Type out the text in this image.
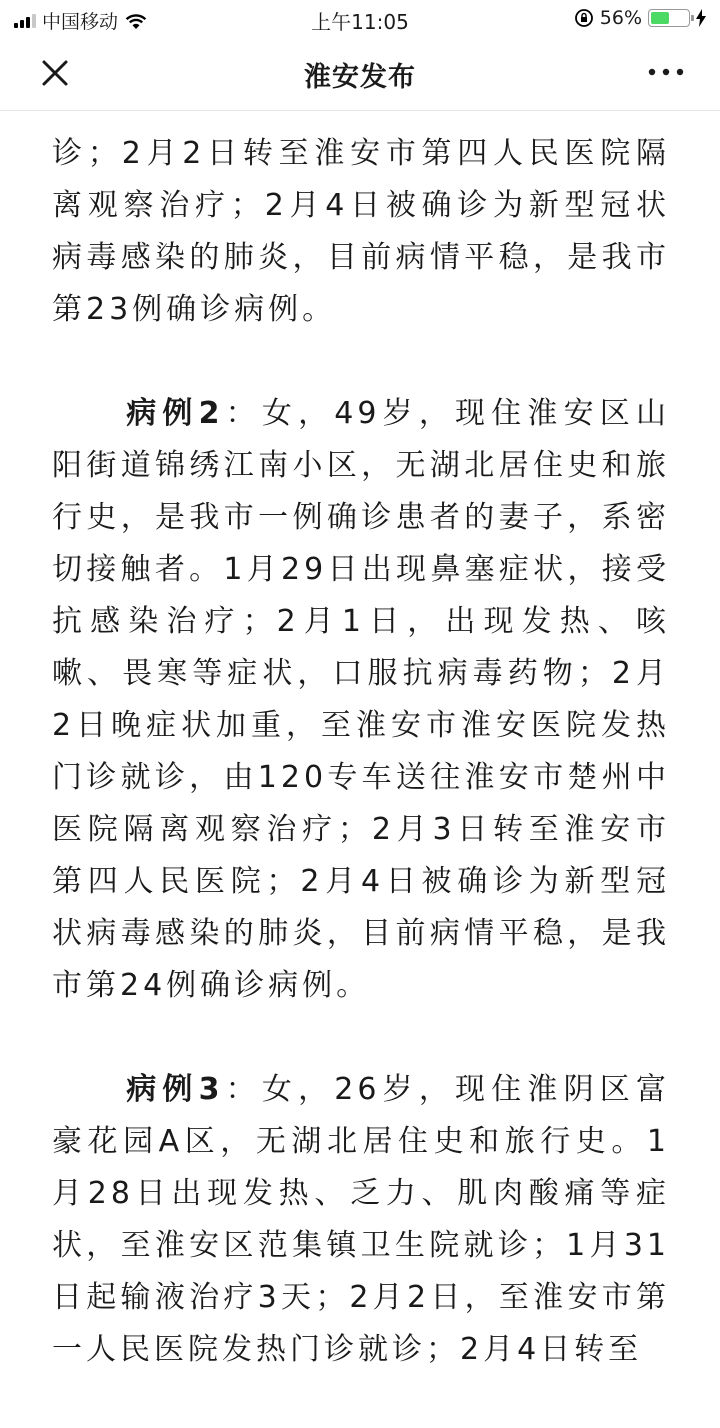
中国移动	上午11:05	56%
淮安发布

诊；2月2日转至淮安市第四人民医院隔离观察治疗；2月4日被确诊为新型冠状病毒感染的肺炎，目前病情平稳，是我市第23例确诊病例。

病例2：女，49岁，现住淮安区山阳街道锦绣江南小区，无湖北居住史和旅行史，是我市一例确诊患者的妻子，系密切接触者。1月29日出现鼻塞症状，接受抗感染治疗；2月1日，出现发热、咳嗽、畏寒等症状，口服抗病毒药物；2月2日晚症状加重，至淮安市淮安医院发热门诊就诊，由120专车送往淮安市楚州中医院隔离观察治疗；2月3日转至淮安市第四人民医院；2月4日被确诊为新型冠状病毒感染的肺炎，目前病情平稳，是我市第24例确诊病例。

病例3：女，26岁，现住淮阴区富豪花园A区，无湖北居住史和旅行史。1月28日出现发热、乏力、肌肉酸痛等症状，至淮安区范集镇卫生院就诊；1月31日起输液治疗3天；2月2日，至淮安市第一人民医院发热门诊就诊；2月4日转至
